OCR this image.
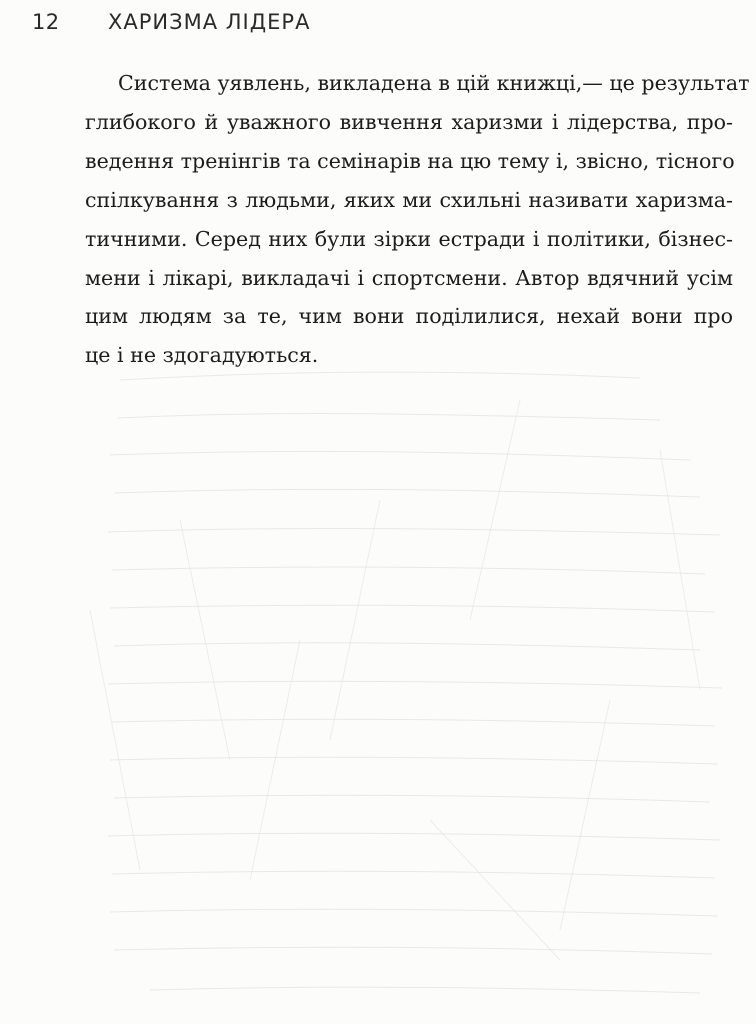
12	ХАРИЗМА ЛІДЕРА

Система уявлень, викладена в цій книжці,— це результат
глибокого й уважного вивчення харизми і лідерства, про-
ведення тренінгів та семінарів на цю тему і, звісно, тісного
спілкування з людьми, яких ми схильні називати харизма-
тичними. Серед них були зірки естради і політики, бізнес-
мени і лікарі, викладачі і спортсмени. Автор вдячний усім
цим людям за те, чим вони поділилися, нехай вони про
це і не здогадуються.
